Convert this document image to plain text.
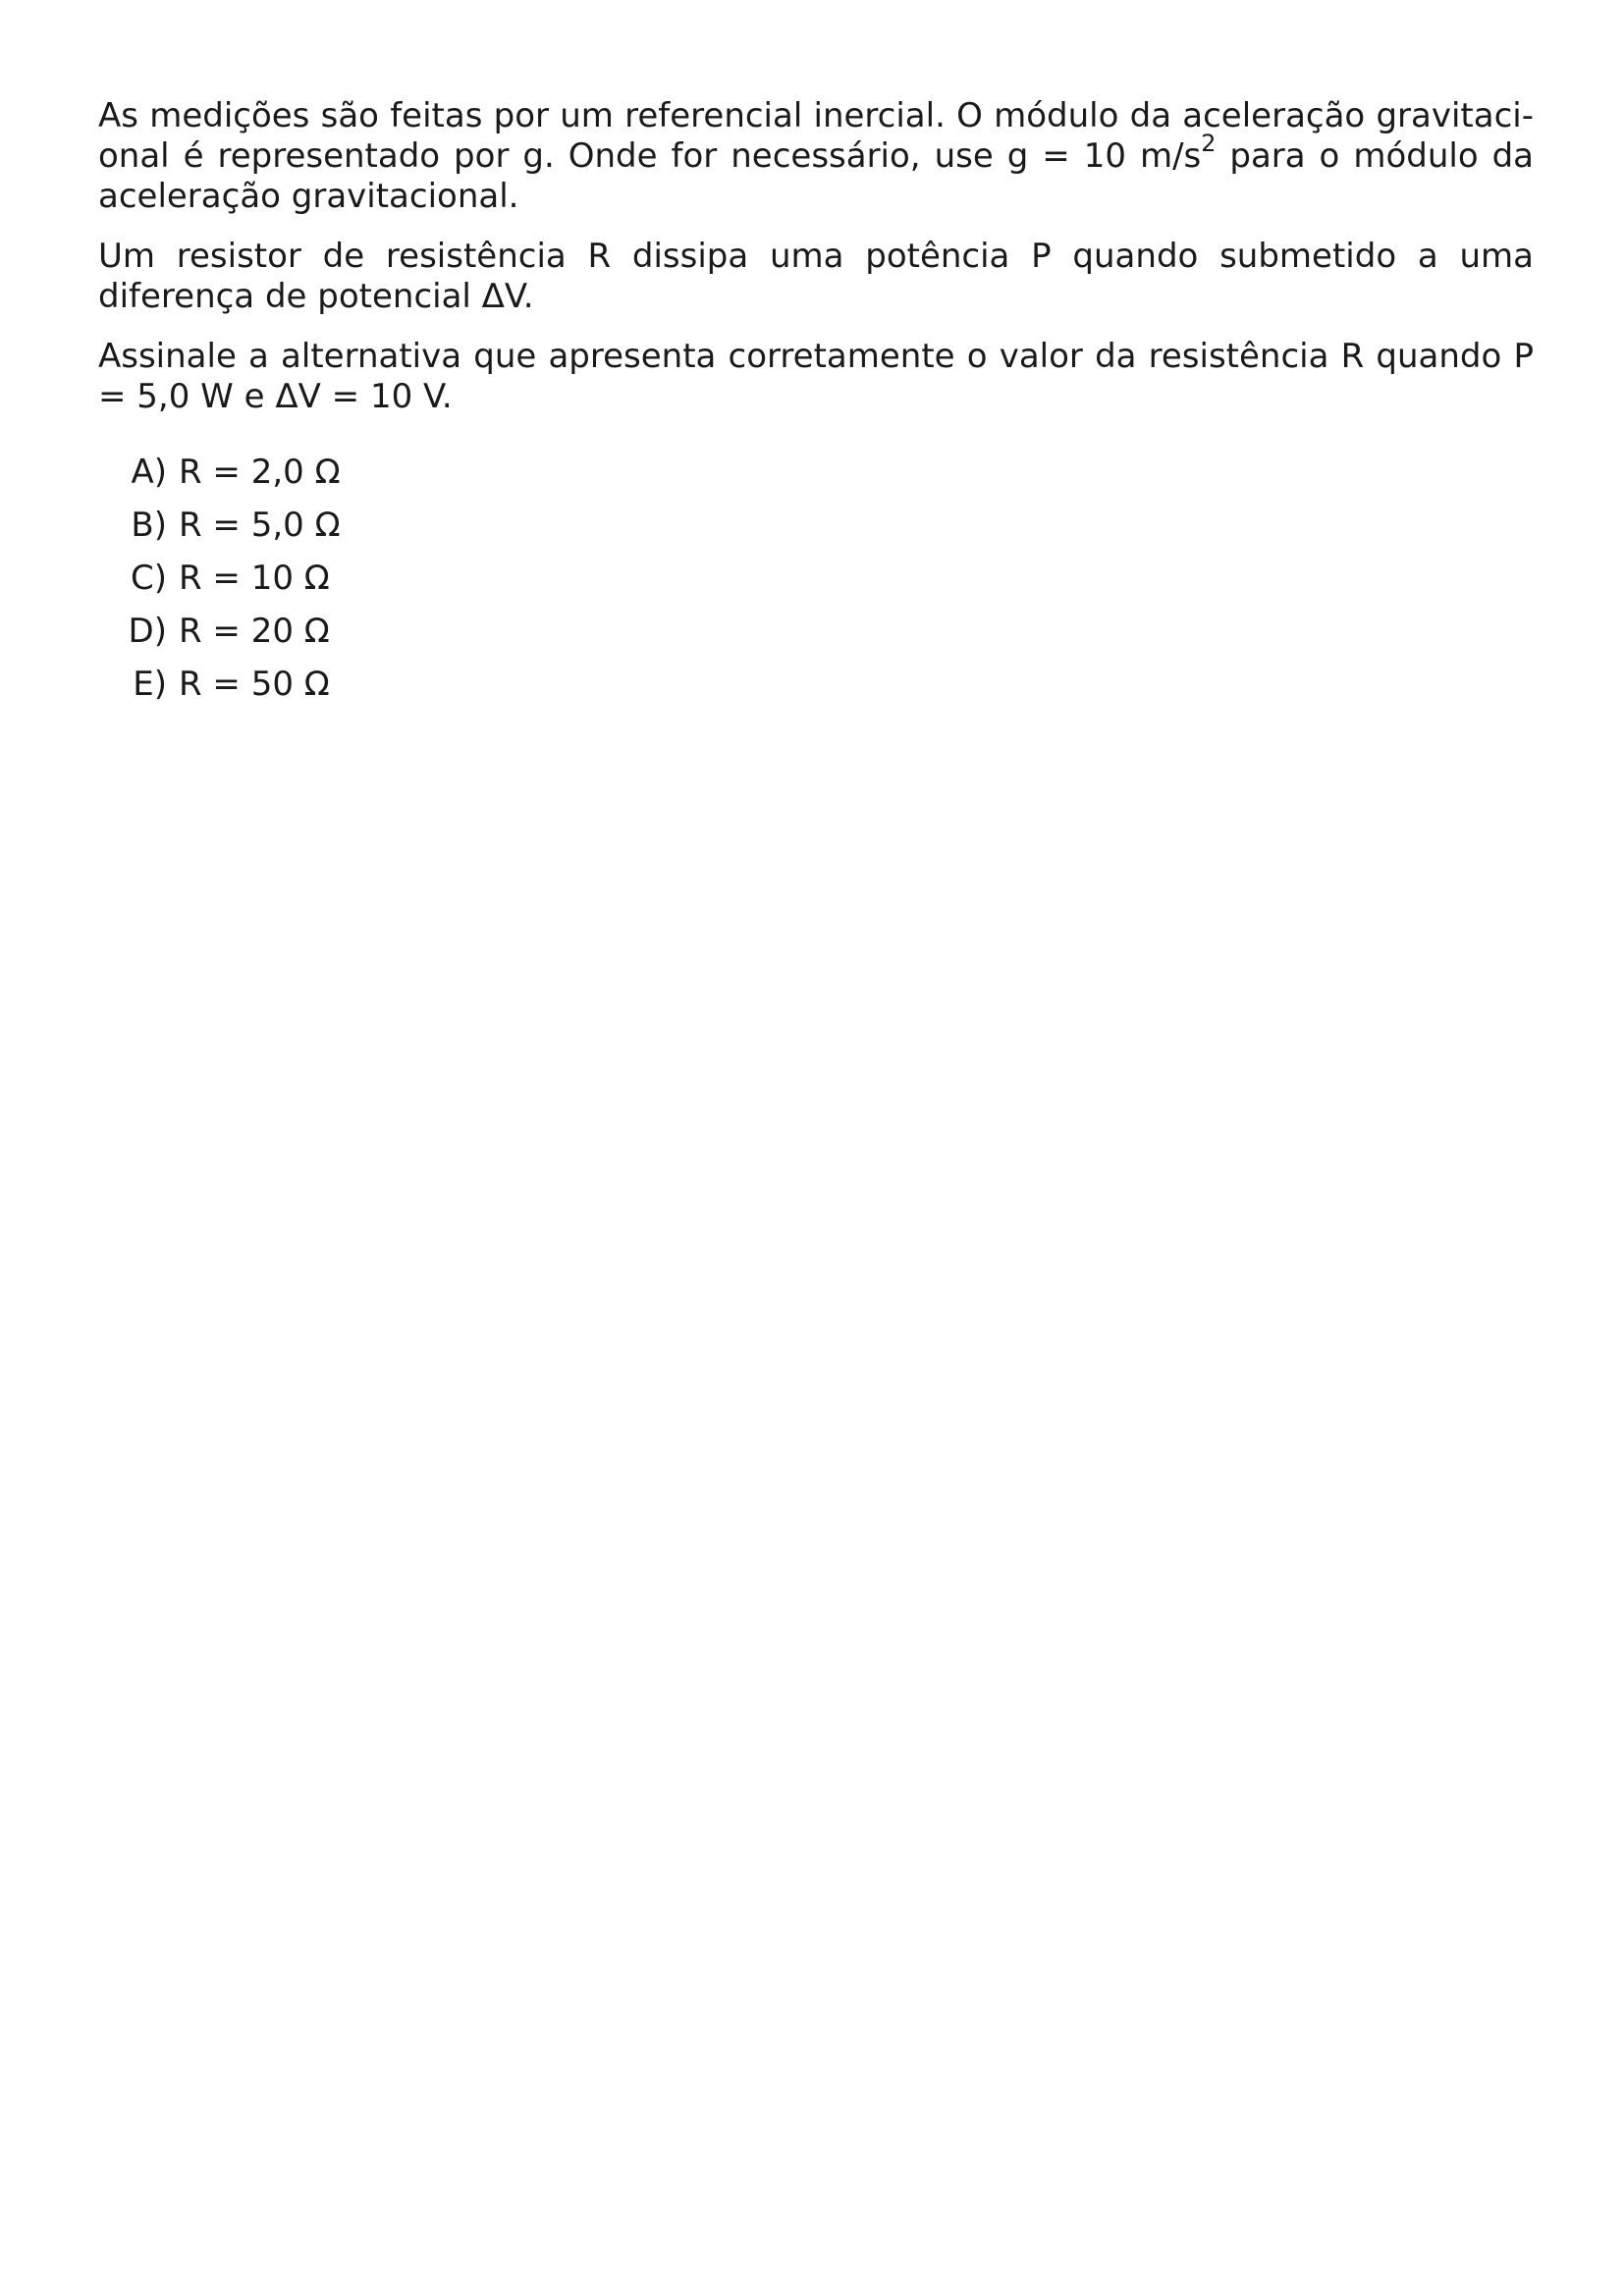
As medições são feitas por um referencial inercial. O módulo da aceleração gravitaci-onal é representado por g. Onde for necessário, use g = 10 $m/s^2$ para o módulo da aceleração gravitacional.

Um resistor de resistência R dissipa uma potência P quando submetido a uma diferença de potencial ΔV.

Assinale a alternativa que apresenta corretamente o valor da resistência R quando P = 5,0 W e ΔV = 10 V.

A) R = 2,0 Ω
B) R = 5,0 Ω
C) R = 10 Ω
D) R = 20 Ω
E) R = 50 Ω
